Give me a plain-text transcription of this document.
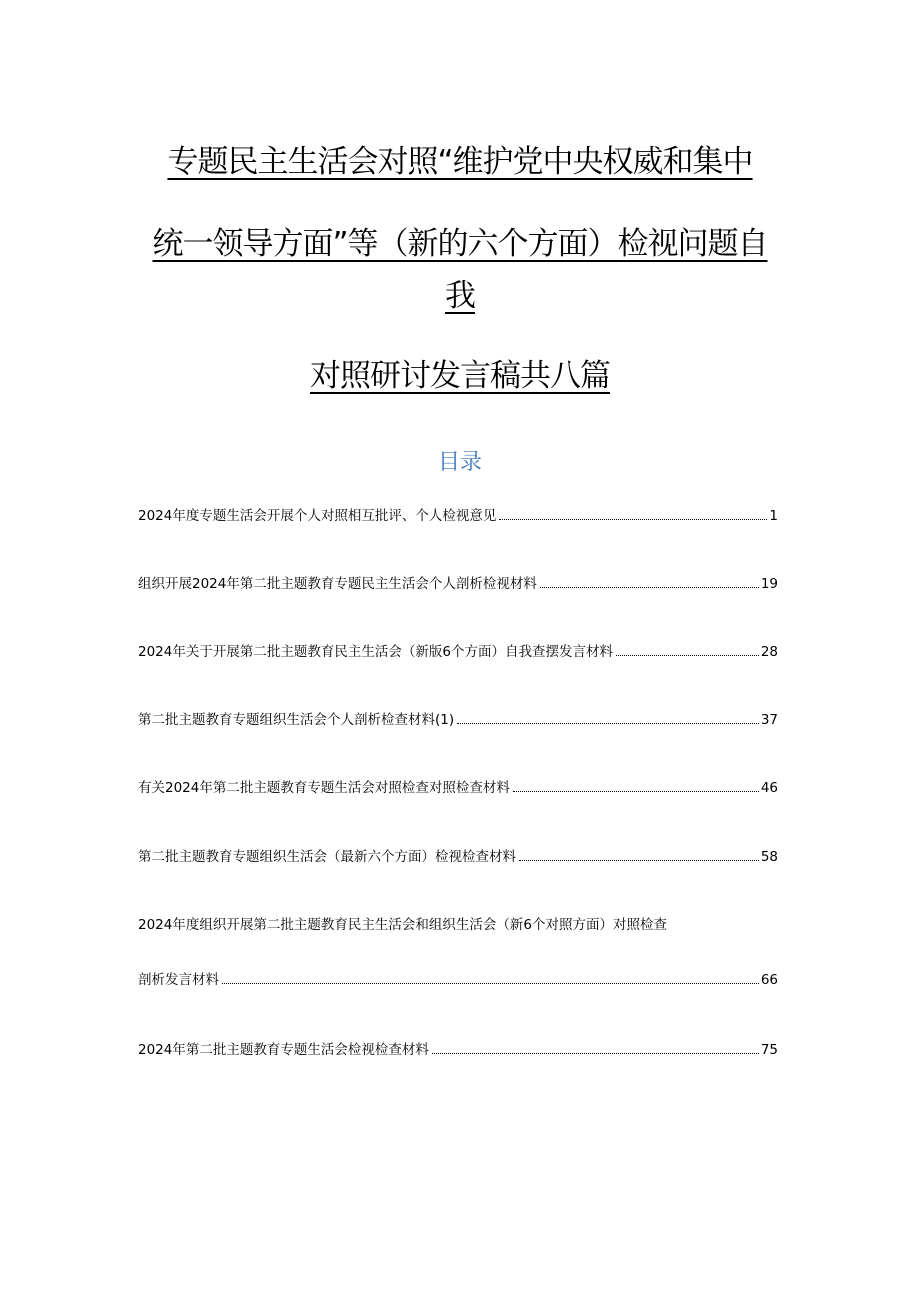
专题民主生活会对照“维护党中央权威和集中
统一领导方面”等（新的六个方面）检视问题自
我
对照研讨发言稿共八篇
目录
2024年度专题生活会开展个人对照相互批评、个人检视意见	1
组织开展2024年第二批主题教育专题民主生活会个人剖析检视材料	19
2024年关于开展第二批主题教育民主生活会（新版6个方面）自我查摆发言材料	28
第二批主题教育专题组织生活会个人剖析检查材料(1)	37
有关2024年第二批主题教育专题生活会对照检查对照检查材料	46
第二批主题教育专题组织生活会（最新六个方面）检视检查材料	58
2024年度组织开展第二批主题教育民主生活会和组织生活会（新6个对照方面）对照检查
剖析发言材料	66
2024年第二批主题教育专题生活会检视检查材料	75
